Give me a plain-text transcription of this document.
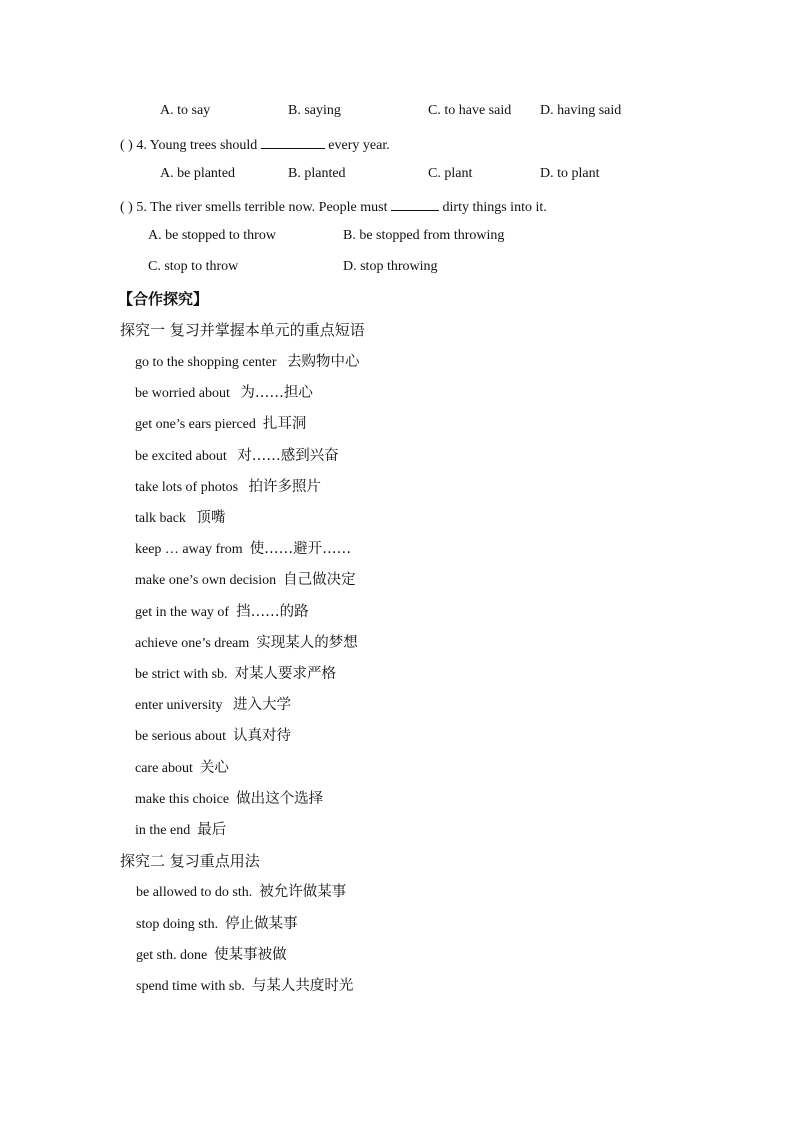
A. to say	B. saying	C. to have said D. having said
( ) 4. Young trees should	every year.
A. be planted	B. planted	C. plant	D. to plant
( ) 5. The river smells terrible now. People must	dirty things into it.
A. be stopped to throw	B. be stopped from throwing
C. stop to throw	D. stop throwing
【合作探究】
探究一 复习并掌握本单元的重点短语
go to the shopping center 去购物中心
be worried about 为……担心
get one’s ears pierced 扎耳洞
be excited about 对……感到兴奋
take lots of photos 拍许多照片
talk back 顶嘴
keep … away from 使……避开……
make one’s own decision 自己做决定
get in the way of 挡……的路
achieve one’s dream 实现某人的梦想
be strict with sb. 对某人要求严格
enter university 进入大学
be serious about 认真对待
care about 关心
make this choice 做出这个选择
in the end 最后
探究二 复习重点用法
be allowed to do sth. 被允许做某事
stop doing sth. 停止做某事
get sth. done 使某事被做
spend time with sb. 与某人共度时光
